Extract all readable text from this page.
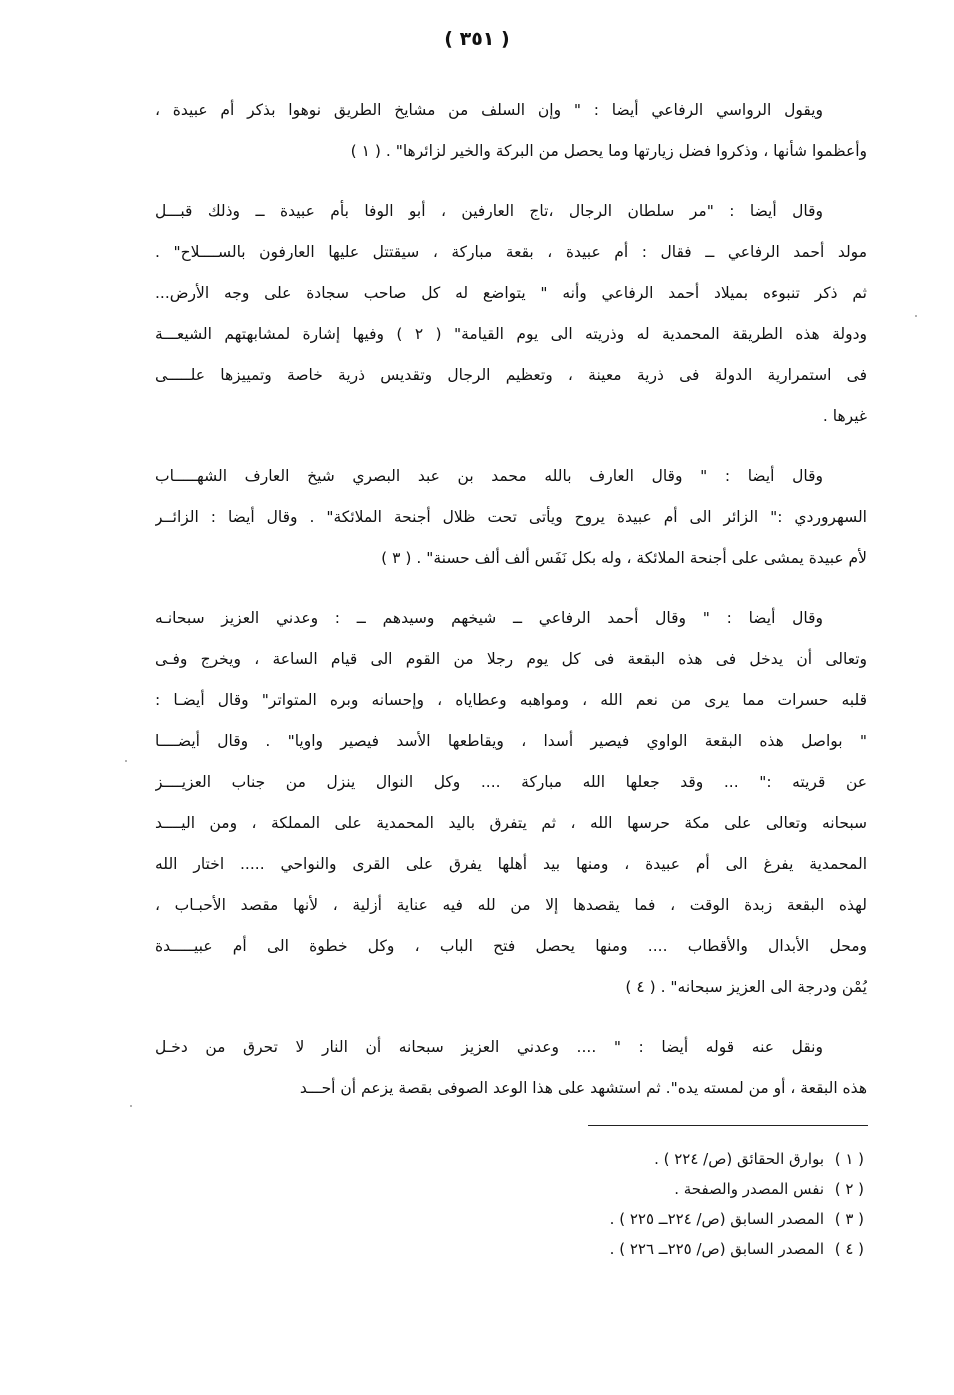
( ٣٥١ )
ويقول الرواسي الرفاعي أيضا : " وإن السلف من مشايخ الطريق نوهوا بذكر أم عبيدة ،
وأعظموا شأنها ، وذكروا فضل زيارتها وما يحصل من البركة والخير لزائرها" . ( ١ )
وقال أيضا : "مر سلطان الرجال ،تاج العارفين ، أبو الوفا بأم عبيدة ــ وذلك قبـــل
مولد أحمد الرفاعي ــ فقال : أم عبيدة ، بقعة مباركة ، سيقتتل عليها العارفون بالســــلاح" .
ثم ذكر تنبوءه بميلاد أحمد الرفاعي وأنه " يتواضع له كل صاحب سجادة على وجه الأرض...
ودولة هذه الطريقة المحمدية له وذريته الى يوم القيامة" ( ٢ ) وفيها إشارة لمشابهتهم الشيعـــة
فى استمرارية الدولة فى ذرية معينة ، وتعظيم الرجال وتقديس ذرية خاصة وتمييزها علـــــى
غيرها .
وقال أيضا : " وقال العارف بالله محمد بن عبد البصري شيخ العارف الشهـــــاب
السهروردي :" الزائر الى أم عبيدة يروح ويأتى تحت ظلال أجنحة الملائكة" . وقال أيضا : الزائــر
لأم عبيدة يمشى على أجنحة الملائكة ، وله بكل نَفَس ألف ألف حسنة" . ( ٣ )
وقال أيضا : " وقال أحمد الرفاعي ــ شيخهم وسيدهم ــ : وعدني العزيز سبحانـه
وتعالى أن يدخل فى هذه البقعة فى كل يوم رجلا من القوم الى قيام الساعة ، ويخرج وفـى
قلبه حسرات مما يرى من نعم الله ، ومواهبه وعطاياه ، وإحسانه وبره المتواتر" وقال أيضـا :
" بواصل هذه البقعة الواوي فيصير أسدا ، ويقاطعها الأسد فيصير واويا" . وقال أيضــــا
عن قريته :" ... وقد جعلها الله مباركة .... وكل النوال ينزل من جناب العزيــــز
سبحانه وتعالى على مكة حرسها الله ، ثم يتفرق باليد المحمدية على المملكة ، ومن اليــــد
المحمدية يفرغ الى أم عبيدة ، ومنها بيد أهلها يفرق على القرى والنواحي ..... اختار الله
لهذه البقعة زبدة الوقت ، فما يقصدها إلا من لله فيه عناية أزلية ، لأنها مقصد الأحبـاب ،
ومحل الأبدال والأقطاب .... ومنها يحصل فتح الباب ، وكل خطوة الى أم عبيـــــدة
يُمْن ودرجة الى العزيز سبحانه" . ( ٤ )
ونقل عنه قوله أيضا : " .... وعدني العزيز سبحانه أن النار لا تحرق من دخـل
هذه البقعة ، أو من لمسته يده". ثم استشهد على هذا الوعد الصوفى بقصة يزعم أن أحـــد
( ١ )بوارق الحقائق (ص/ ٢٢٤ ) .
( ٢ )نفس المصدر والصفحة .
( ٣ )المصدر السابق (ص/ ٢٢٤ــ ٢٢٥ ) .
( ٤ )المصدر السابق (ص/ ٢٢٥ــ ٢٢٦ ) .
